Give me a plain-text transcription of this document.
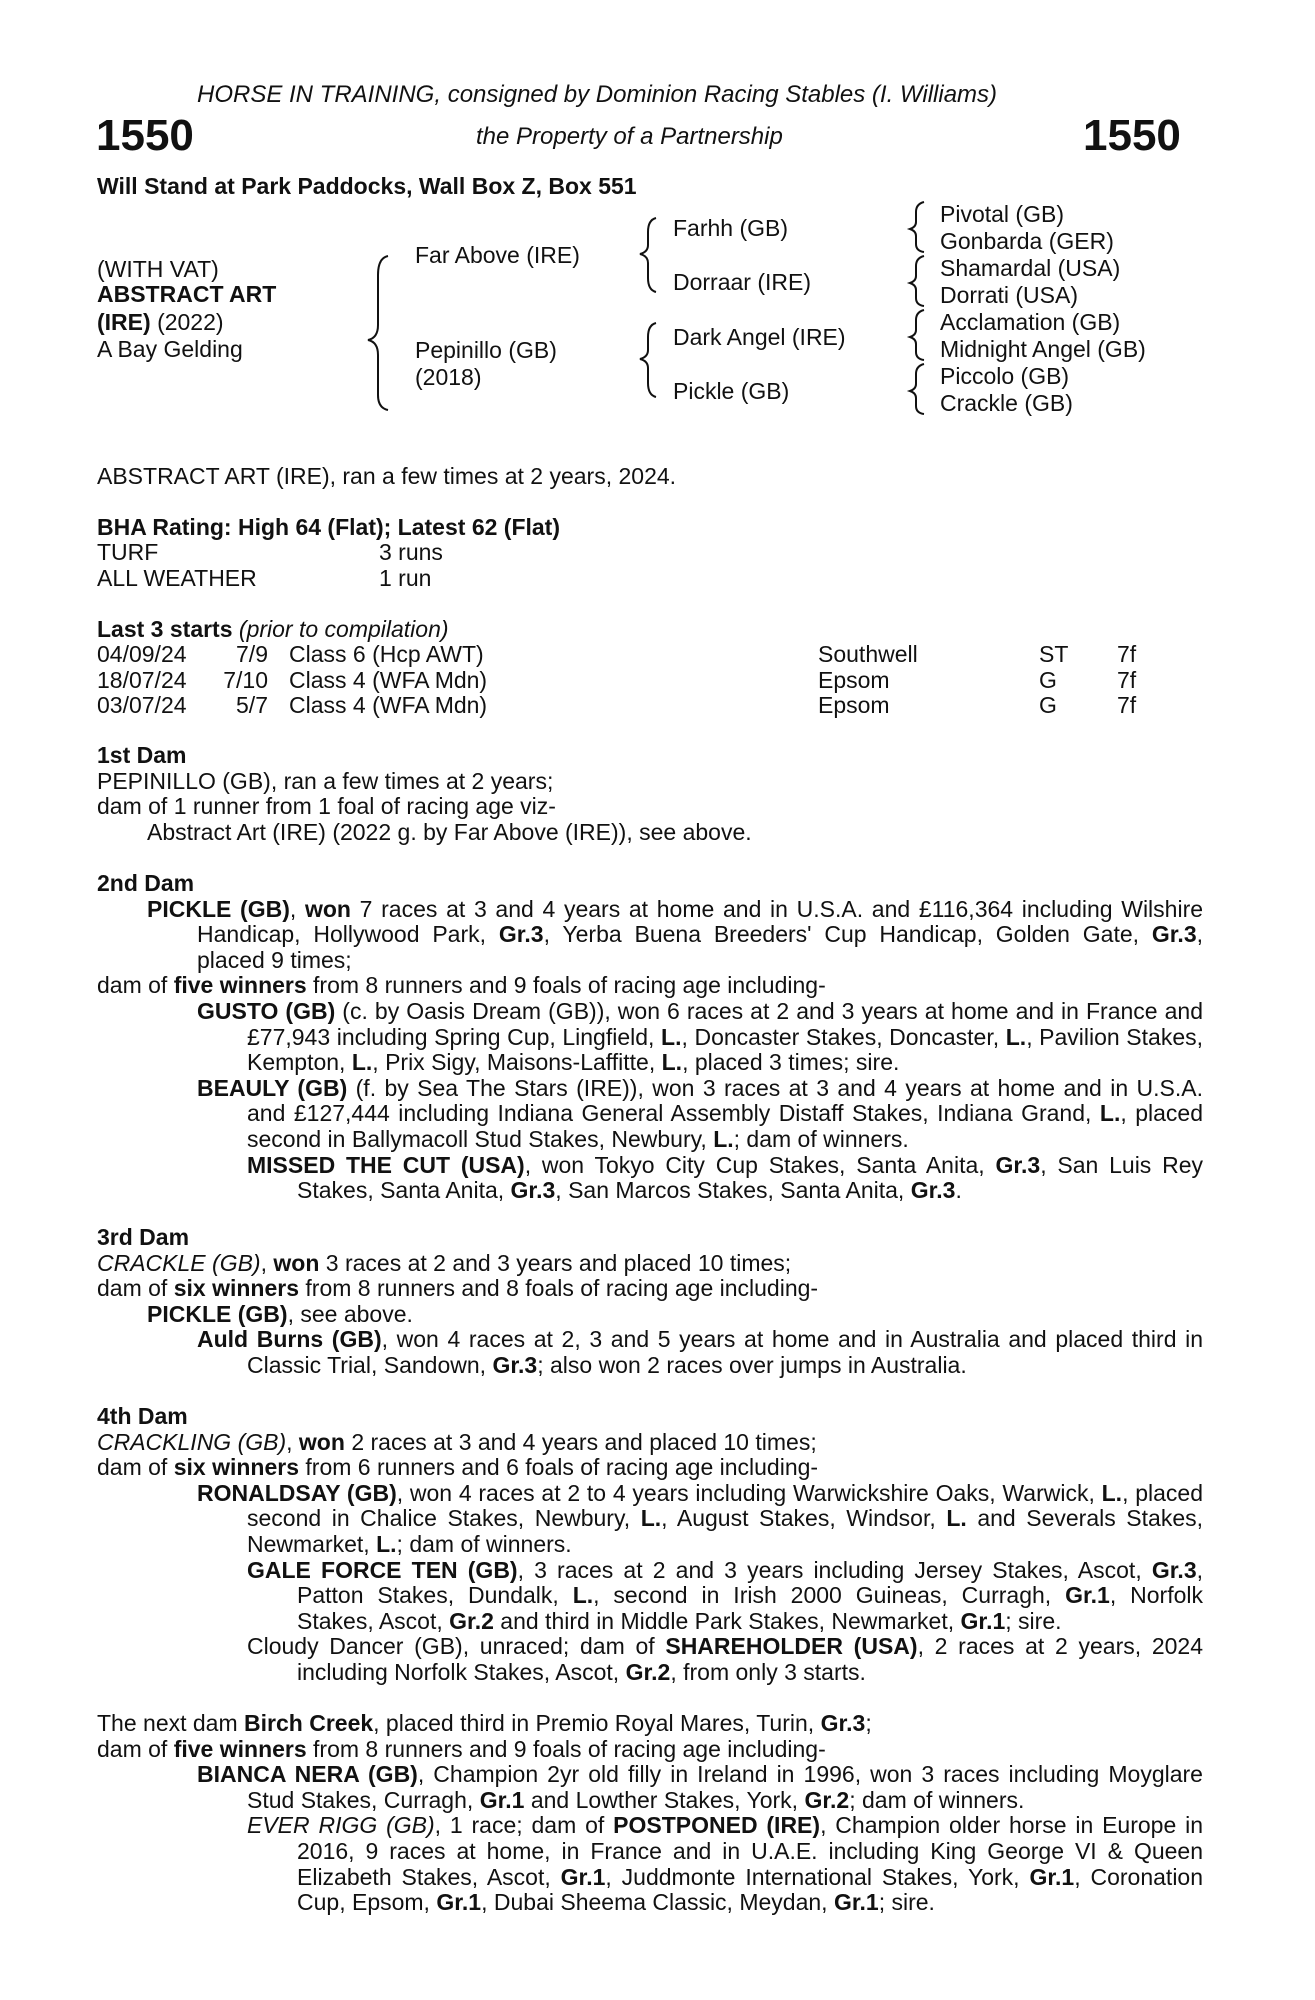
HORSE IN TRAINING, consigned by Dominion Racing Stables (I. Williams)
1550	the Property of a Partnership	1550
Will Stand at Park Paddocks, Wall Box Z, Box 551
(WITH VAT)
ABSTRACT ART
(IRE) (2022)
A Bay Gelding
Far Above (IRE)
Pepinillo (GB)
(2018)
Farhh (GB)
Dorraar (IRE)
Dark Angel (IRE)
Pickle (GB)
Pivotal (GB)
Gonbarda (GER)
Shamardal (USA)
Dorrati (USA)
Acclamation (GB)
Midnight Angel (GB)
Piccolo (GB)
Crackle (GB)
ABSTRACT ART (IRE), ran a few times at 2 years, 2024.
BHA Rating: High 64 (Flat); Latest 62 (Flat)
TURF	3 runs
ALL WEATHER	1 run
Last 3 starts (prior to compilation)
04/09/24	7/9 Class 6 (Hcp AWT)	Southwell	ST 7f
18/07/24	7/10 Class 4 (WFA Mdn)	Epsom	G	7f
03/07/24	5/7 Class 4 (WFA Mdn)	Epsom	G	7f

1st Dam

PEPINILLO (GB), ran a few times at 2 years;

dam of 1 runner from 1 foal of racing age viz-

Abstract Art (IRE) (2022 g. by Far Above (IRE)), see above.

2nd Dam

PICKLE (GB), won 7 races at 3 and 4 years at home and in U.S.A. and £116,364 including Wilshire Handicap, Hollywood Park, Gr.3, Yerba Buena Breeders' Cup Handicap, Golden Gate, Gr.3, placed 9 times;

dam of five winners from 8 runners and 9 foals of racing age including-

GUSTO (GB) (c. by Oasis Dream (GB)), won 6 races at 2 and 3 years at home and in France and £77,943 including Spring Cup, Lingfield, L., Doncaster Stakes, Doncaster, L., Pavilion Stakes, Kempton, L., Prix Sigy, Maisons-Laffitte, L., placed 3 times; sire.

BEAULY (GB) (f. by Sea The Stars (IRE)), won 3 races at 3 and 4 years at home and in U.S.A. and £127,444 including Indiana General Assembly Distaff Stakes, Indiana Grand, L., placed second in Ballymacoll Stud Stakes, Newbury, L.; dam of winners.

MISSED THE CUT (USA), won Tokyo City Cup Stakes, Santa Anita, Gr.3, San Luis Rey Stakes, Santa Anita, Gr.3, San Marcos Stakes, Santa Anita, Gr.3.

3rd Dam

CRACKLE (GB), won 3 races at 2 and 3 years and placed 10 times;

dam of six winners from 8 runners and 8 foals of racing age including-

PICKLE (GB), see above.

Auld Burns (GB), won 4 races at 2, 3 and 5 years at home and in Australia and placed third in Classic Trial, Sandown, Gr.3; also won 2 races over jumps in Australia.

4th Dam

CRACKLING (GB), won 2 races at 3 and 4 years and placed 10 times;

dam of six winners from 6 runners and 6 foals of racing age including-

RONALDSAY (GB), won 4 races at 2 to 4 years including Warwickshire Oaks, Warwick, L., placed second in Chalice Stakes, Newbury, L., August Stakes, Windsor, L. and Severals Stakes, Newmarket, L.; dam of winners.

GALE FORCE TEN (GB), 3 races at 2 and 3 years including Jersey Stakes, Ascot, Gr.3, Patton Stakes, Dundalk, L., second in Irish 2000 Guineas, Curragh, Gr.1, Norfolk Stakes, Ascot, Gr.2 and third in Middle Park Stakes, Newmarket, Gr.1; sire.

Cloudy Dancer (GB), unraced; dam of SHAREHOLDER (USA), 2 races at 2 years, 2024 including Norfolk Stakes, Ascot, Gr.2, from only 3 starts.

The next dam Birch Creek, placed third in Premio Royal Mares, Turin, Gr.3;

dam of five winners from 8 runners and 9 foals of racing age including-

BIANCA NERA (GB), Champion 2yr old filly in Ireland in 1996, won 3 races including Moyglare Stud Stakes, Curragh, Gr.1 and Lowther Stakes, York, Gr.2; dam of winners.

EVER RIGG (GB), 1 race; dam of POSTPONED (IRE), Champion older horse in Europe in 2016, 9 races at home, in France and in U.A.E. including King George VI & Queen Elizabeth Stakes, Ascot, Gr.1, Juddmonte International Stakes, York, Gr.1, Coronation Cup, Epsom, Gr.1, Dubai Sheema Classic, Meydan, Gr.1; sire.
